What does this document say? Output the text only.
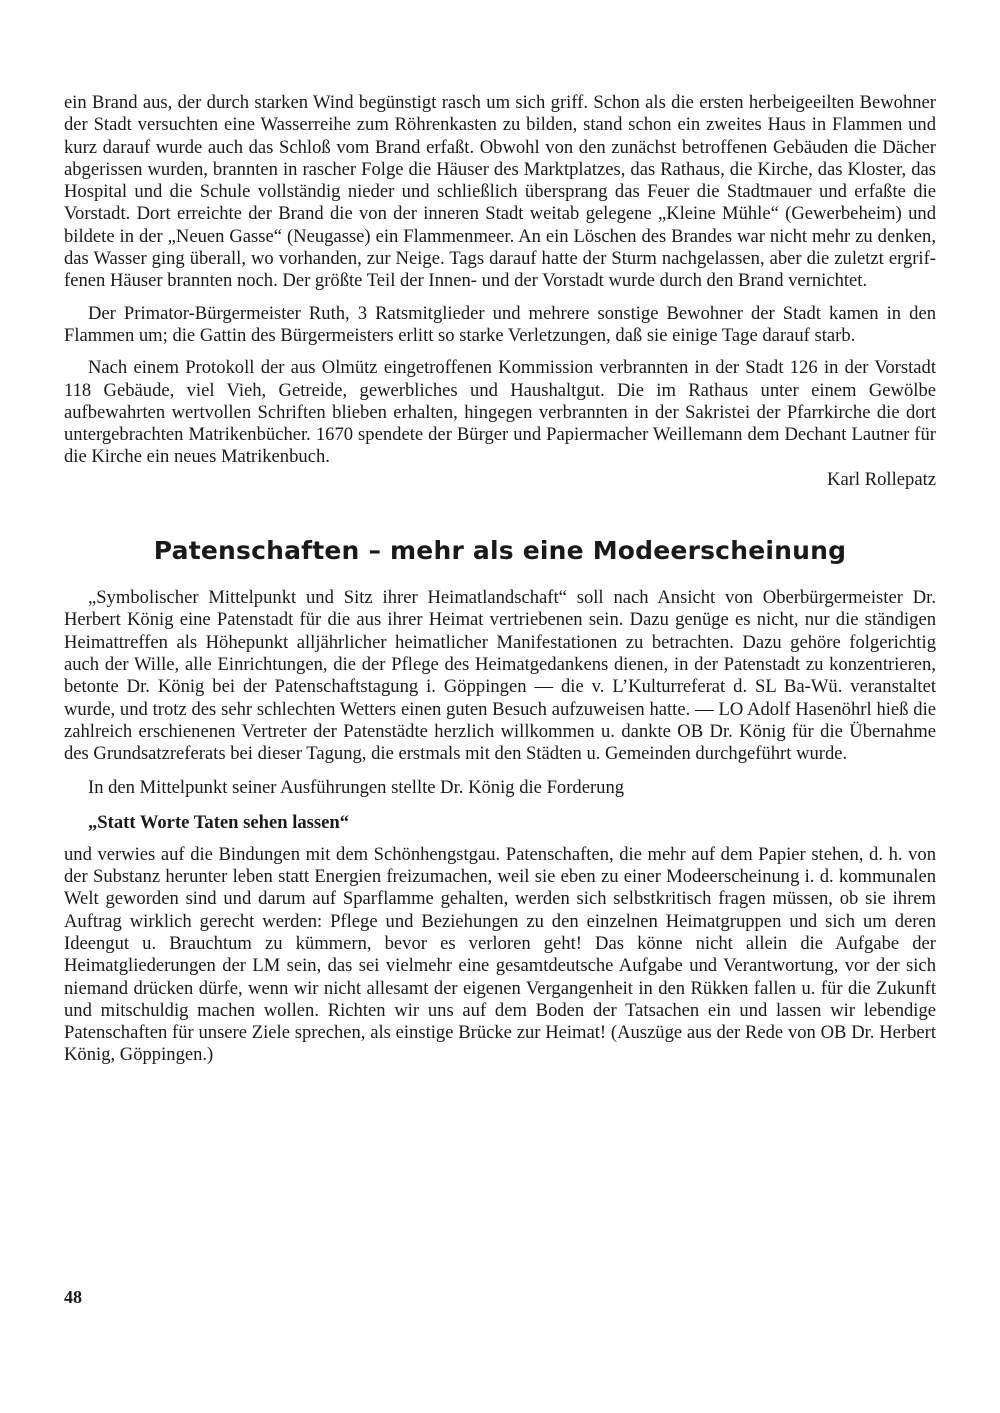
ein Brand aus, der durch starken Wind begünstigt rasch um sich griff. Schon als die ersten herbeigeeilten Bewohner der Stadt versuchten eine Wasserreihe zum Röhrenkasten zu bilden, stand schon ein zweites Haus in Flammen und kurz darauf wurde auch das Schloß vom Brand erfaßt. Obwohl von den zunächst betroffenen Gebäuden die Dächer abgerissen wurden, brannten in rascher Folge die Häuser des Marktplatzes, das Rathaus, die Kirche, das Kloster, das Hospital und die Schule vollständig nieder und schließlich übersprang das Feuer die Stadtmauer und erfaßte die Vorstadt. Dort erreichte der Brand die von der inneren Stadt weitab gelegene „Kleine Mühle“ (Gewerbeheim) und bildete in der „Neuen Gasse“ (Neugasse) ein Flammenmeer. An ein Löschen des Brandes war nicht mehr zu denken, das Wasser ging überall, wo vorhanden, zur Neige. Tags darauf hatte der Sturm nachgelassen, aber die zuletzt ergriffenen Häuser brannten noch. Der größte Teil der Innen- und der Vorstadt wurde durch den Brand vernichtet.

Der Primator-Bürgermeister Ruth, 3 Ratsmitglieder und mehrere sonstige Bewohner der Stadt kamen in den Flammen um; die Gattin des Bürgermeisters erlitt so starke Verletzungen, daß sie einige Tage darauf starb.

Nach einem Protokoll der aus Olmütz eingetroffenen Kommission verbrannten in der Stadt 126 in der Vorstadt 118 Gebäude, viel Vieh, Getreide, gewerbliches und Haushaltgut. Die im Rathaus unter einem Gewölbe aufbewahrten wertvollen Schriften blieben erhalten, hingegen verbrannten in der Sakristei der Pfarrkirche die dort untergebrachten Matrikenbücher. 1670 spendete der Bürger und Papiermacher Weillemann dem Dechant Lautner für die Kirche ein neues Matrikenbuch.

Karl Rollepatz

Patenschaften – mehr als eine Modeerscheinung

„Symbolischer Mittelpunkt und Sitz ihrer Heimatlandschaft“ soll nach Ansicht von Oberbürgermeister Dr. Herbert König eine Patenstadt für die aus ihrer Heimat vertriebenen sein. Dazu genüge es nicht, nur die ständigen Heimattreffen als Höhepunkt alljährlicher heimatlicher Manifestationen zu betrachten. Dazu gehöre folgerichtig auch der Wille, alle Einrichtungen, die der Pflege des Heimatgedankens dienen, in der Patenstadt zu konzentrieren, betonte Dr. König bei der Patenschaftstagung i. Göppingen — die v. L’Kulturreferat d. SL Ba-Wü. veranstaltet wurde, und trotz des sehr schlechten Wetters einen guten Besuch aufzuweisen hatte. — LO Adolf Hasenöhrl hieß die zahlreich erschienenen Vertreter der Patenstädte herzlich willkommen u. dankte OB Dr. König für die Übernahme des Grundsatzreferats bei dieser Tagung, die erstmals mit den Städten u. Gemeinden durchgeführt wurde.

In den Mittelpunkt seiner Ausführungen stellte Dr. König die Forderung

„Statt Worte Taten sehen lassen“

und verwies auf die Bindungen mit dem Schönhengstgau. Patenschaften, die mehr auf dem Papier stehen, d. h. von der Substanz herunter leben statt Energien freizumachen, weil sie eben zu einer Modeerscheinung i. d. kommunalen Welt geworden sind und darum auf Sparflamme gehalten, werden sich selbstkritisch fragen müssen, ob sie ihrem Auftrag wirklich gerecht werden: Pflege und Beziehungen zu den einzelnen Heimatgruppen und sich um deren Ideengut u. Brauchtum zu kümmern, bevor es verloren geht! Das könne nicht allein die Aufgabe der Heimatgliederungen der LM sein, das sei vielmehr eine gesamtdeutsche Aufgabe und Verantwortung, vor der sich niemand drücken dürfe, wenn wir nicht allesamt der eigenen Vergangenheit in den Rükken fallen u. für die Zukunft und mitschuldig machen wollen. Richten wir uns auf dem Boden der Tatsachen ein und lassen wir lebendige Patenschaften für unsere Ziele sprechen, als einstige Brücke zur Heimat! (Auszüge aus der Rede von OB Dr. Herbert König, Göppingen.)

48
